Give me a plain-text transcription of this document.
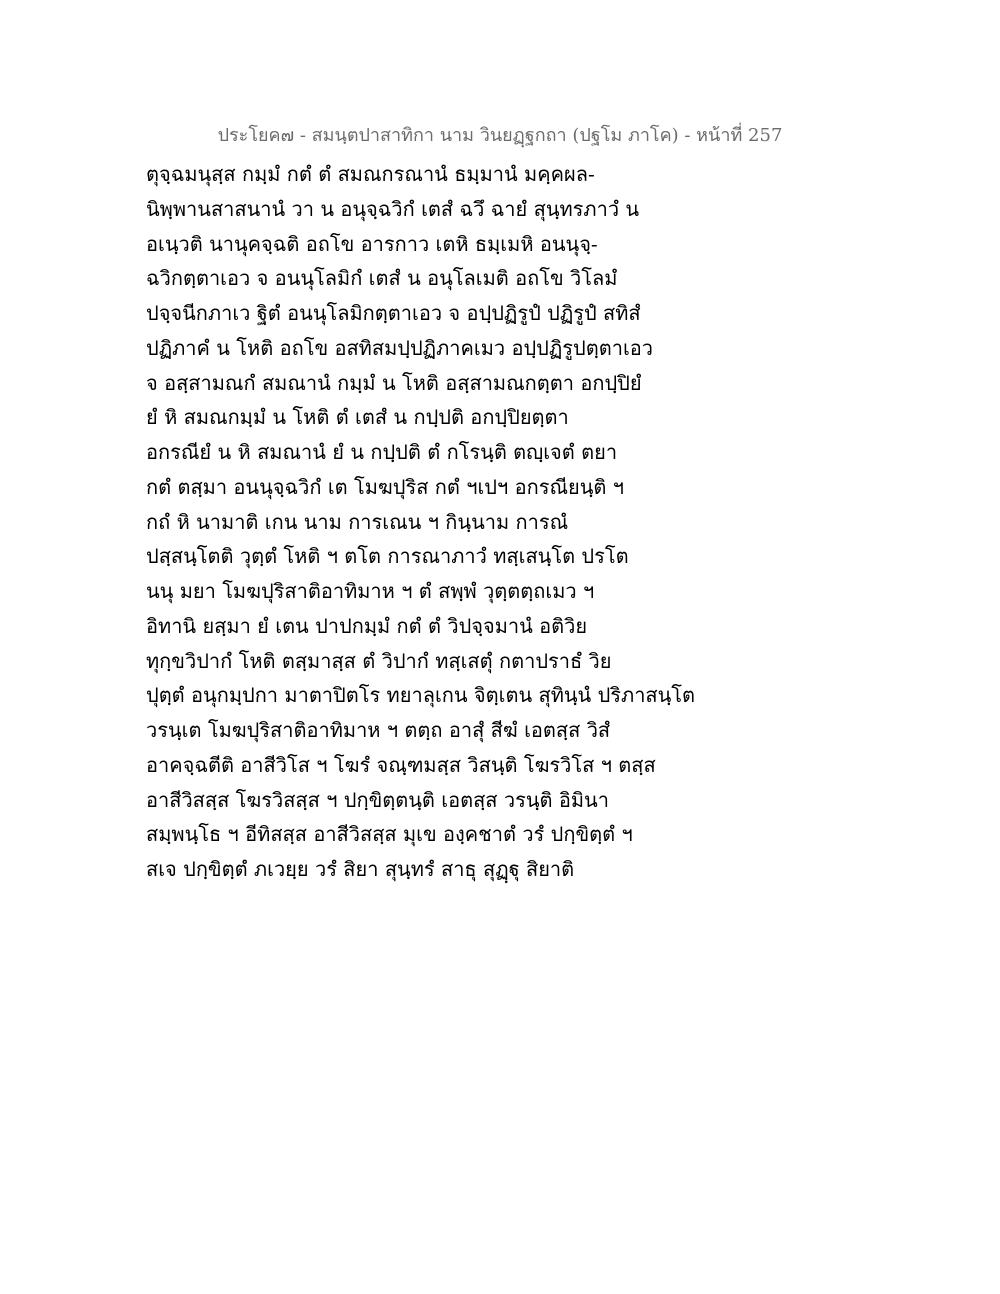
ประโยค๗ - สมนฺตปาสาทิกา นาม วินยฏฺฐกถา (ปฐโม ภาโค) - หน้าที่ 257
ตุจฺฉมนุสฺส กมฺมํ กตํ ตํ สมณกรณานํ ธมฺมานํ มคฺคผล-
นิพฺพานสาสนานํ วา น อนุจฺฉวิกํ เตสํ ฉวึ ฉายํ สุนฺทรภาวํ น
อเนฺวติ นานุคจฺฉติ อถโข อารกาว เตหิ ธมฺเมหิ อนนุจฺ-
ฉวิกตฺตาเอว จ อนนุโลมิกํ เตสํ น อนุโลเมติ อถโข วิโลมํ
ปจฺจนีกภาเว ฐิตํ อนนุโลมิกตฺตาเอว จ อปฺปฏิรูปํ ปฏิรูปํ สทิสํ
ปฏิภาคํ น โหติ อถโข อสทิสมปฺปฏิภาคเมว อปฺปฏิรูปตฺตาเอว
จ อสฺสามณกํ สมณานํ กมฺมํ น โหติ อสฺสามณกตฺตา อกปฺปิยํ
ยํ หิ สมณกมฺมํ น โหติ ตํ เตสํ น กปฺปติ อกปฺปิยตฺตา
อกรณียํ น หิ สมณานํ ยํ น กปฺปติ ตํ กโรนฺติ ตญฺเจตํ ตยา
กตํ ตสฺมา อนนุจฺฉวิกํ เต โมฆปุริส กตํ ฯเปฯ อกรณียนฺติ ฯ
กถํ หิ นามาติ เกน นาม การเณน ฯ กินฺนาม การณํ
ปสฺสนฺโตติ วุตฺตํ โหติ ฯ ตโต การณาภาวํ ทสฺเสนฺโต ปรโต
นนุ มยา โมฆปุริสาติอาทิมาห ฯ ตํ สพฺพํ วุตฺตตฺถเมว ฯ
อิทานิ ยสฺมา ยํ เตน ปาปกมฺมํ กตํ ตํ วิปจฺจมานํ อติวิย
ทุกฺขวิปากํ โหติ ตสฺมาสฺส ตํ วิปากํ ทสฺเสตุํ กตาปราธํ วิย
ปุตฺตํ อนุกมฺปกา มาตาปิตโร ทยาลุเกน จิตฺเตน สุทินฺนํ ปริภาสนฺโต
วรนฺเต โมฆปุริสาติอาทิมาห ฯ ตตฺถ อาสุํ สีฆํ เอตสฺส วิสํ
อาคจฺฉตีติ อาสีวิโส ฯ โฆรํ จณฺฑมสฺส วิสนฺติ โฆรวิโส ฯ ตสฺส
อาสีวิสสฺส โฆรวิสสฺส ฯ ปกฺขิตฺตนฺติ เอตสฺส วรนฺติ อิมินา
สมฺพนฺโธ ฯ อีทิสสฺส อาสีวิสสฺส มุเข องฺคชาตํ วรํ ปกฺขิตฺตํ ฯ
สเจ ปกฺขิตฺตํ ภเวยฺย วรํ สิยา สุนฺทรํ สาธุ สุฏฺฐุ สิยาติ
